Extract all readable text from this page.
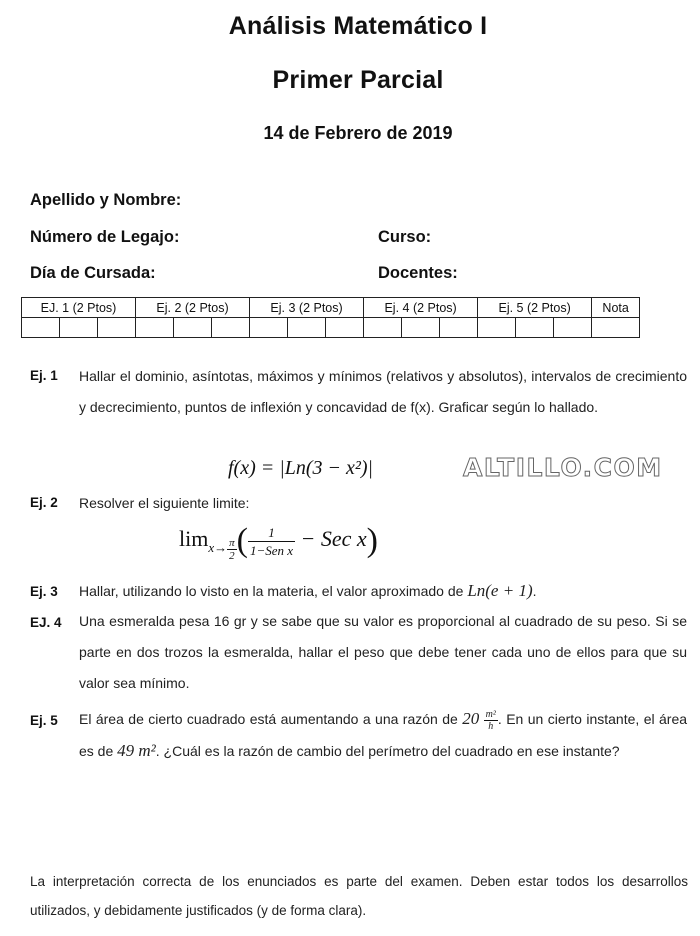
Análisis Matemático I
Primer Parcial
14 de Febrero de 2019
Apellido y Nombre:
Número de Legajo:	Curso:
Día de Cursada:	Docentes:
EJ. 1 (2 Ptos)			Ej. 2 (2 Ptos)			Ej. 3 (2 Ptos)			Ej. 4 (2 Ptos)			Ej. 5 (2 Ptos)			Nota

Ej. 1 Hallar el dominio, asíntotas, máximos y mínimos (relativos y absolutos), intervalos de crecimiento y decrecimiento, puntos de inflexión y concavidad de f(x). Graficar según lo hallado.
f(x) = |Ln(3 − x²)|	ALTILLO.COM
Ej. 2 Resolver el siguiente limite:
$\lim_{x\to \frac{\pi}{2}}$ ( $\frac{1}{\text{1−Sen x}}$ − Sec x)
Ej. 3 Hallar, utilizando lo visto en la materia, el valor aproximado de Ln(e + 1).
EJ. 4 Una esmeralda pesa 16 gr y se sabe que su valor es proporcional al cuadrado de su peso. Si se parte en dos trozos la esmeralda, hallar el peso que debe tener cada uno de ellos para que su valor sea mínimo.
Ej. 5 El área de cierto cuadrado está aumentando a una razón de $20 \frac{\text{m²}}{h}$ . En un cierto instante, el área es de 49 m². ¿Cuál es la razón de cambio del perímetro del cuadrado en ese instante?
La interpretación correcta de los enunciados es parte del examen. Deben estar todos los desarrollos utilizados, y debidamente justificados (y de forma clara).
